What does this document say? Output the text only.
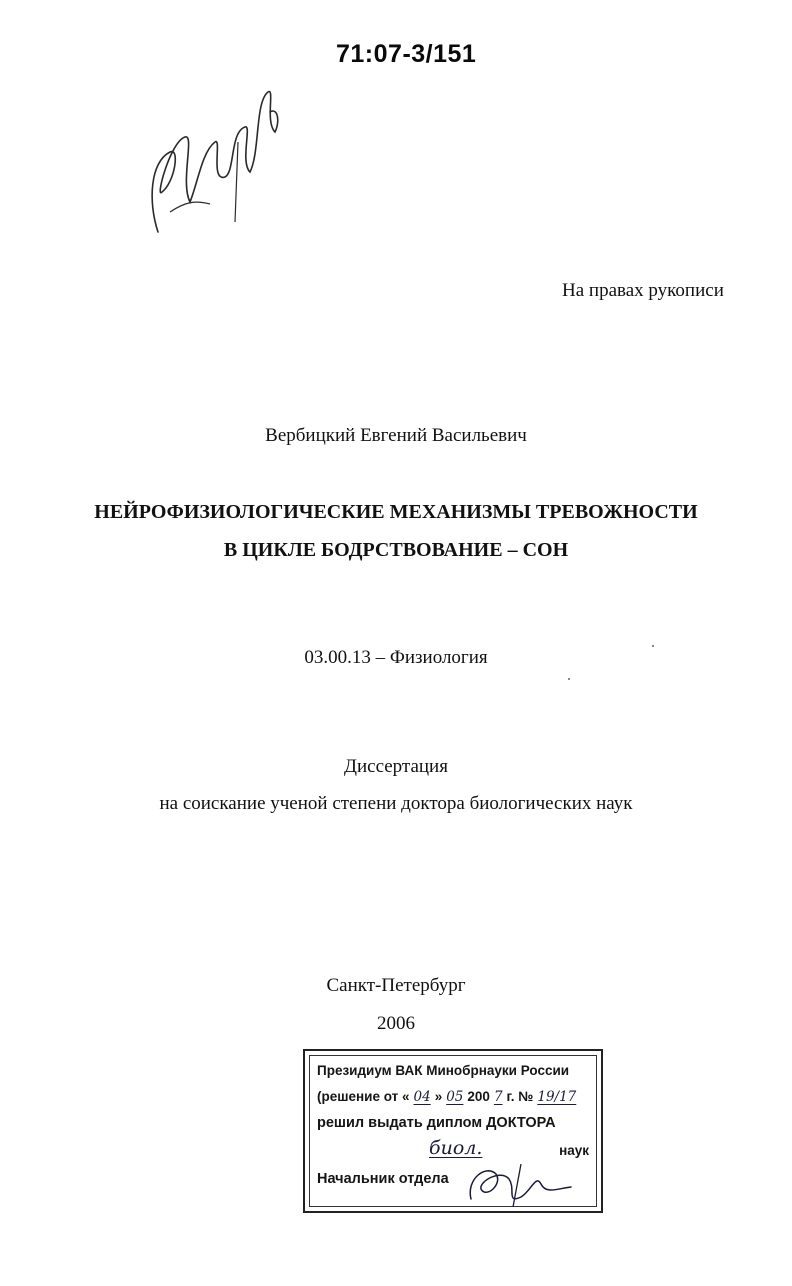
71:07-3/151
На правах рукописи
Вербицкий Евгений Васильевич
НЕЙРОФИЗИОЛОГИЧЕСКИЕ МЕХАНИЗМЫ ТРЕВОЖНОСТИ
В ЦИКЛЕ БОДРСТВОВАНИЕ – СОН
03.00.13 – Физиология
Диссертация
на соискание ученой степени доктора биологических наук
Санкт-Петербург
2006
Президиум ВАК Минобрнауки России
(решение от « 04 » 05 200 7 г. № 19/17
решил выдать диплом ДОКТОРА
биол.	наук
Начальник отдела
